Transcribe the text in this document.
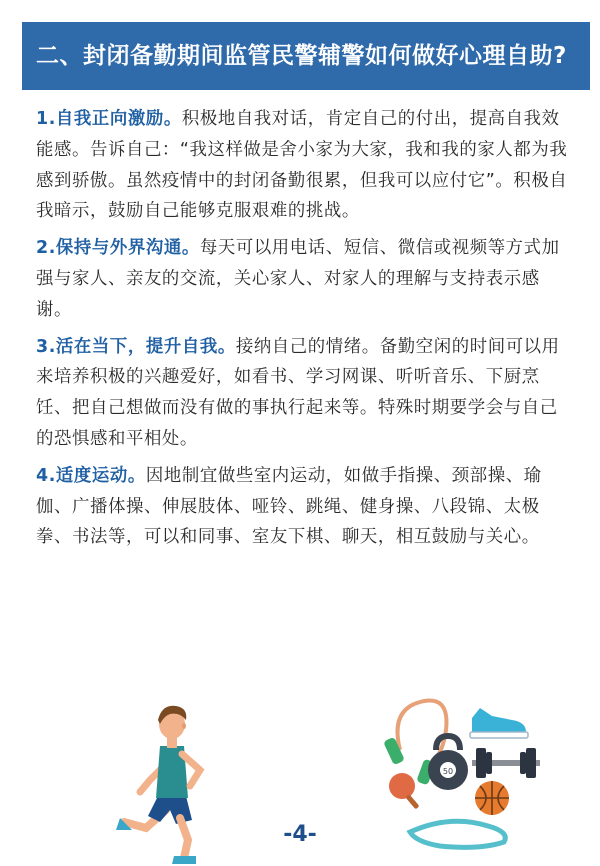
二、封闭备勤期间监管民警辅警如何做好心理自助?

1.自我正向激励。积极地自我对话，肯定自己的付出，提高自我效能感。告诉自己：“我这样做是舍小家为大家，我和我的家人都为我感到骄傲。虽然疫情中的封闭备勤很累，但我可以应付它”。积极自我暗示，鼓励自己能够克服艰难的挑战。

2.保持与外界沟通。每天可以用电话、短信、微信或视频等方式加强与家人、亲友的交流，关心家人、对家人的理解与支持表示感谢。

3.活在当下，提升自我。接纳自己的情绪。备勤空闲的时间可以用来培养积极的兴趣爱好，如看书、学习网课、听听音乐、下厨烹饪、把自己想做而没有做的事执行起来等。特殊时期要学会与自己的恐惧感和平相处。

4.适度运动。因地制宜做些室内运动，如做手指操、颈部操、瑜伽、广播体操、伸展肢体、哑铃、跳绳、健身操、八段锦、太极拳、书法等，可以和同事、室友下棋、聊天，相互鼓励与关心。

50
-4-
